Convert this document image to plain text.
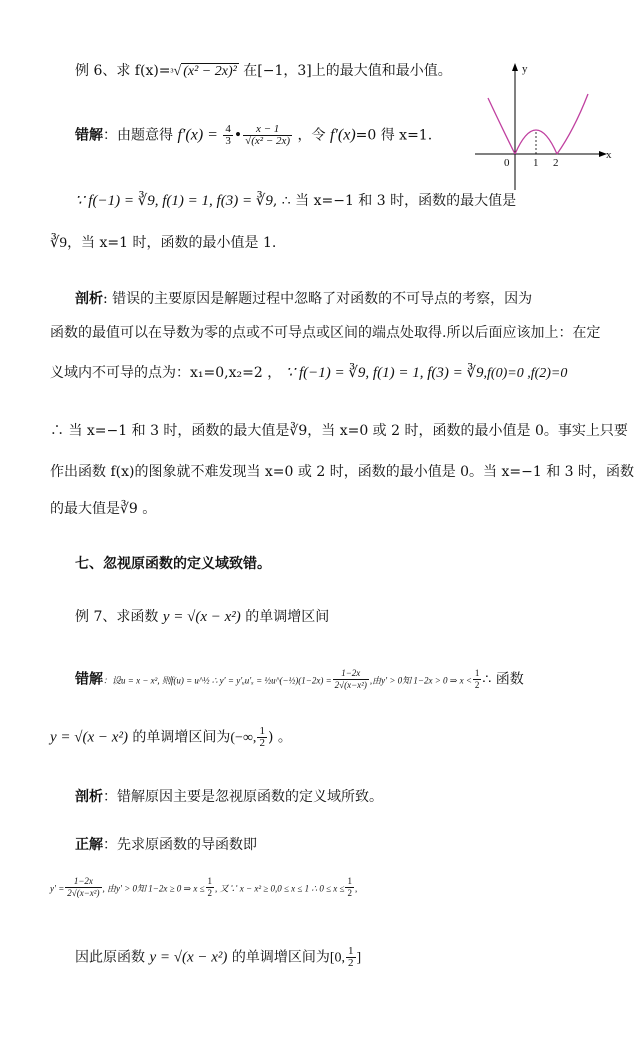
例 6、求 f(x)=³√ (x² − 2x)² 在[−1，3]上的最大值和最小值。	y
x
0 1 2
错解：由题意得 $f'(x) = \frac{4}{3}$ • $\frac{x - 1}{\text{√(x² − 2x)}}$ ，令 f′(x)=0 得 x=1.
∵ f(−1) = ∛9, f(1) = 1, f(3) = ∛9, ∴ 当 x=−1 和 3 时，函数的最大值是
∛9，当 x=1 时，函数的最小值是 1.
剖析: 错误的主要原因是解题过程中忽略了对函数的不可导点的考察，因为
函数的最值可以在导数为零的点或不可导点或区间的端点处取得.所以后面应该加上：在定
义域内不可导的点为：x₁=0,x₂=2 ， ∵ f(−1) = ∛9, f(1) = 1, f(3) = ∛9,f(0)=0 ,f(2)=0
∴ 当 x=−1 和 3 时，函数的最大值是∛9，当 x=0 或 2 时，函数的最小值是 0。事实上只要
作出函数 f(x)的图象就不难发现当 x=0 或 2 时，函数的最小值是 0。当 x=−1 和 3 时，函数
的最大值是∛9 。
七、忽视原函数的定义域致错。
例 7、求函数 y = √(x − x²) 的单调增区间
错解：设u = x − x², 则f(u) = u^½ ∴ y′ = y′ᵤu′ₓ = ½u^(−½)(1−2x) = $\frac{1-2x}{\text{2√(x−x²)}}$ ,由y′ > 0知 1−2x > 0 ⇒ $x < \frac{1}{2}$ ∴ 函数
y = √(x − x²) 的单调增区间为(−∞, $\frac{1}{2}$ ) 。
剖析：错解原因主要是忽视原函数的定义域所致。
正解：先求原函数的导函数即
$y' = \frac{1-2x}{\text{2√(x−x²)}}$ , 由y′ > 0知 1−2x ≥ 0 ⇒ $x \le \frac{1}{2}$ , 又∵ x − x² ≥ 0,0 ≤ x ≤ 1 ∴ $0 \le x \le \frac{1}{2}$ ,
因此原函数 y = √(x − x²) 的单调增区间为[0, $\frac{1}{2}$ ]
